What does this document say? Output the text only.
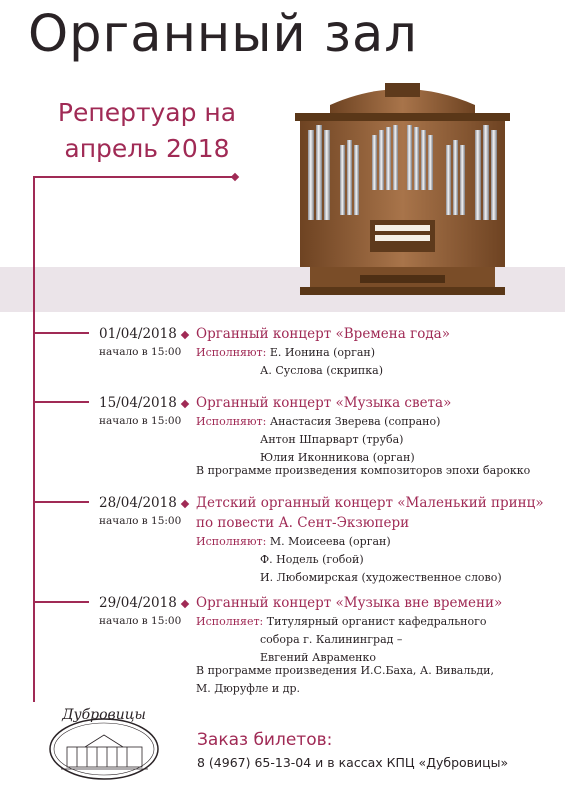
Органный зал
Репертуар на
апрель 2018
01/04/2018
начало в 15:00
Органный концерт «Времена года»
Исполняют: Е. Ионина (орган)
А. Суслова (скрипка)
15/04/2018
начало в 15:00
Органный концерт «Музыка света»
Исполняют: Анастасия Зверева (сопрано)
Антон Шпарварт (труба)
Юлия Иконникова (орган)
В программе произведения композиторов эпохи барокко
28/04/2018
начало в 15:00
Детский органный концерт «Маленький принц»
по повести А. Сент-Экзюпери
Исполняют: М. Моисеева (орган)
Ф. Нодель (гобой)
И. Любомирская (художественное слово)
29/04/2018
начало в 15:00
Органный концерт «Музыка вне времени»
Исполняет: Титулярный органист кафедрального
собора г. Калининград –
Евгений Авраменко
В программе произведения И.С.Баха, А. Вивальди,
М. Дюруфле и др.
Дубровицы
Заказ билетов:
8 (4967) 65-13-04 и в кассах КПЦ «Дубровицы»
